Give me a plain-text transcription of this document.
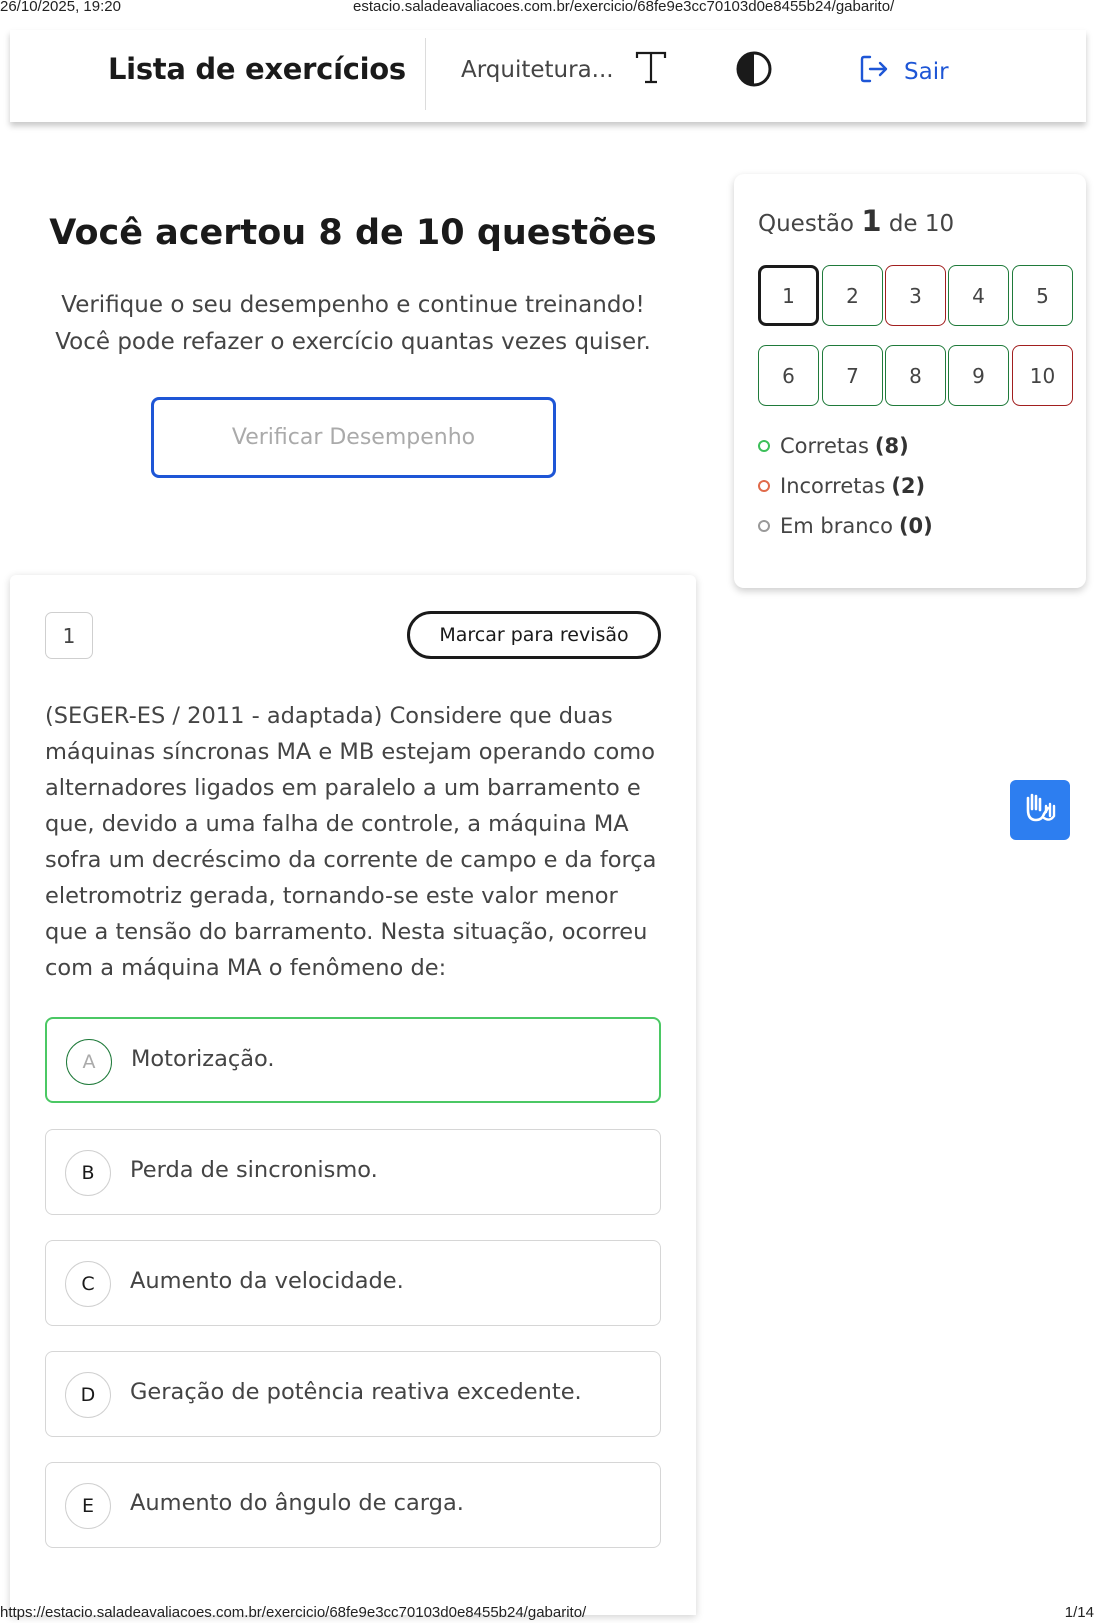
26/10/2025, 19:20	estacio.saladeavaliacoes.com.br/exercicio/68fe9e3cc70103d0e8455b24/gabarito/
Lista de exercícios Arquitetura...	Sair
Você acertou 8 de 10 questões
Verifique o seu desempenho e continue treinando!
Você pode refazer o exercício quantas vezes quiser.
Verificar Desempenho
Questão 1 de 10
1	2	3	4	5
6	7	8	9	10
Corretas (8)
Incorretas (2)
Em branco (0)
1	Marcar para revisão
(SEGER-ES / 2011 - adaptada) Considere que duas máquinas síncronas MA e MB estejam operando como alternadores ligados em paralelo a um barramento e que, devido a uma falha de controle, a máquina MA sofra um decréscimo da corrente de campo e da força eletromotriz gerada, tornando-se este valor menor que a tensão do barramento. Nesta situação, ocorreu com a máquina MA o fenômeno de:
A	Motorização.
B	Perda de sincronismo.
C	Aumento da velocidade.
D	Geração de potência reativa excedente.
E	Aumento do ângulo de carga.
https://estacio.saladeavaliacoes.com.br/exercicio/68fe9e3cc70103d0e8455b24/gabarito/	1/14
